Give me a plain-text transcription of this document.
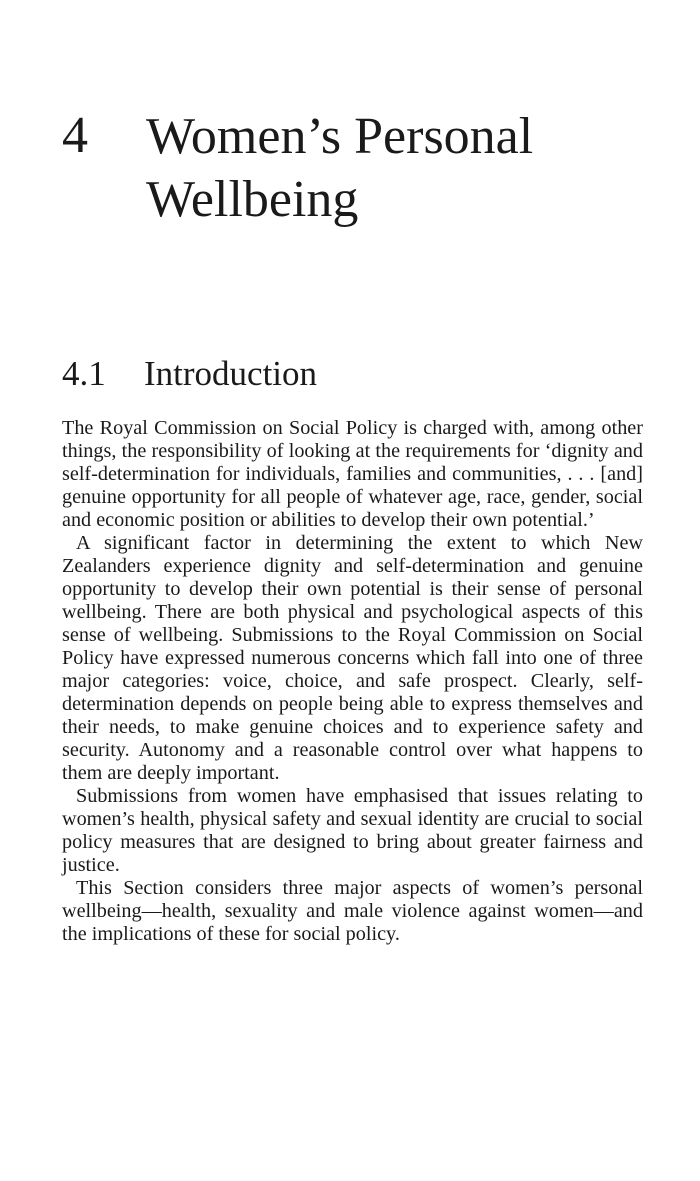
4 Women’s Personal Wellbeing
4.1 Introduction

The Royal Commission on Social Policy is charged with, among other things, the responsibility of looking at the requirements for ‘dignity and self-determination for individuals, families and communities, . . . [and] genuine opportunity for all people of whatever age, race, gender, social and economic position or abilities to develop their own potential.’

A significant factor in determining the extent to which New Zealanders experience dignity and self-determination and genuine opportunity to develop their own potential is their sense of personal wellbeing. There are both physical and psychological aspects of this sense of wellbeing. Submissions to the Royal Commission on Social Policy have expressed numerous concerns which fall into one of three major categories: voice, choice, and safe prospect. Clearly, self-determination depends on people being able to express themselves and their needs, to make genuine choices and to experience safety and security. Autonomy and a reasonable control over what happens to them are deeply important.

Submissions from women have emphasised that issues relating to women’s health, physical safety and sexual identity are crucial to social policy measures that are designed to bring about greater fairness and justice.

This Section considers three major aspects of women’s personal wellbeing—health, sexuality and male violence against women—and the implications of these for social policy.
